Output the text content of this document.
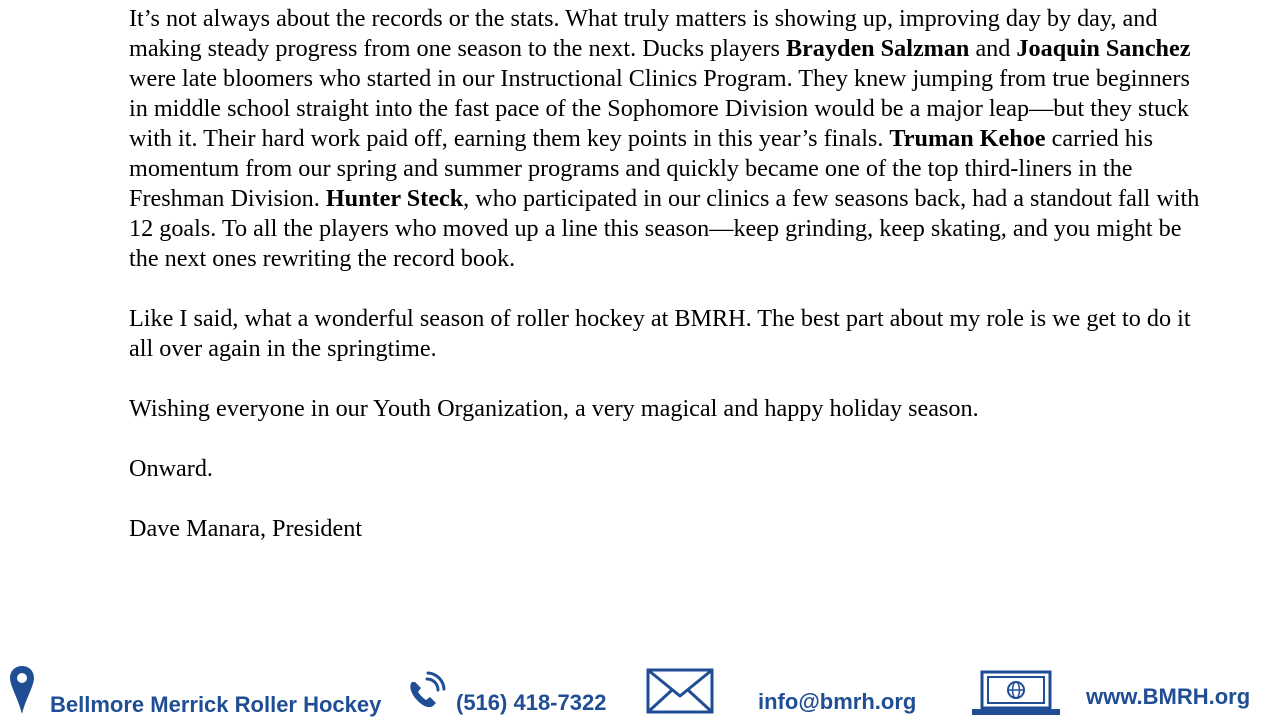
It’s not always about the records or the stats. What truly matters is showing up, improving day by day, and making steady progress from one season to the next. Ducks players Brayden Salzman and Joaquin Sanchez were late bloomers who started in our Instructional Clinics Program. They knew jumping from true beginners in middle school straight into the fast pace of the Sophomore Division would be a major leap—but they stuck with it. Their hard work paid off, earning them key points in this year’s finals. Truman Kehoe carried his momentum from our spring and summer programs and quickly became one of the top third-liners in the Freshman Division. Hunter Steck, who participated in our clinics a few seasons back, had a standout fall with 12 goals. To all the players who moved up a line this season—keep grinding, keep skating, and you might be the next ones rewriting the record book.

Like I said, what a wonderful season of roller hockey at BMRH. The best part about my role is we get to do it all over again in the springtime.

Wishing everyone in our Youth Organization, a very magical and happy holiday season.

Onward.

Dave Manara, President

Bellmore Merrick Roller Hockey	(516) 418-7322	info@bmrh.org	www.BMRH.org
